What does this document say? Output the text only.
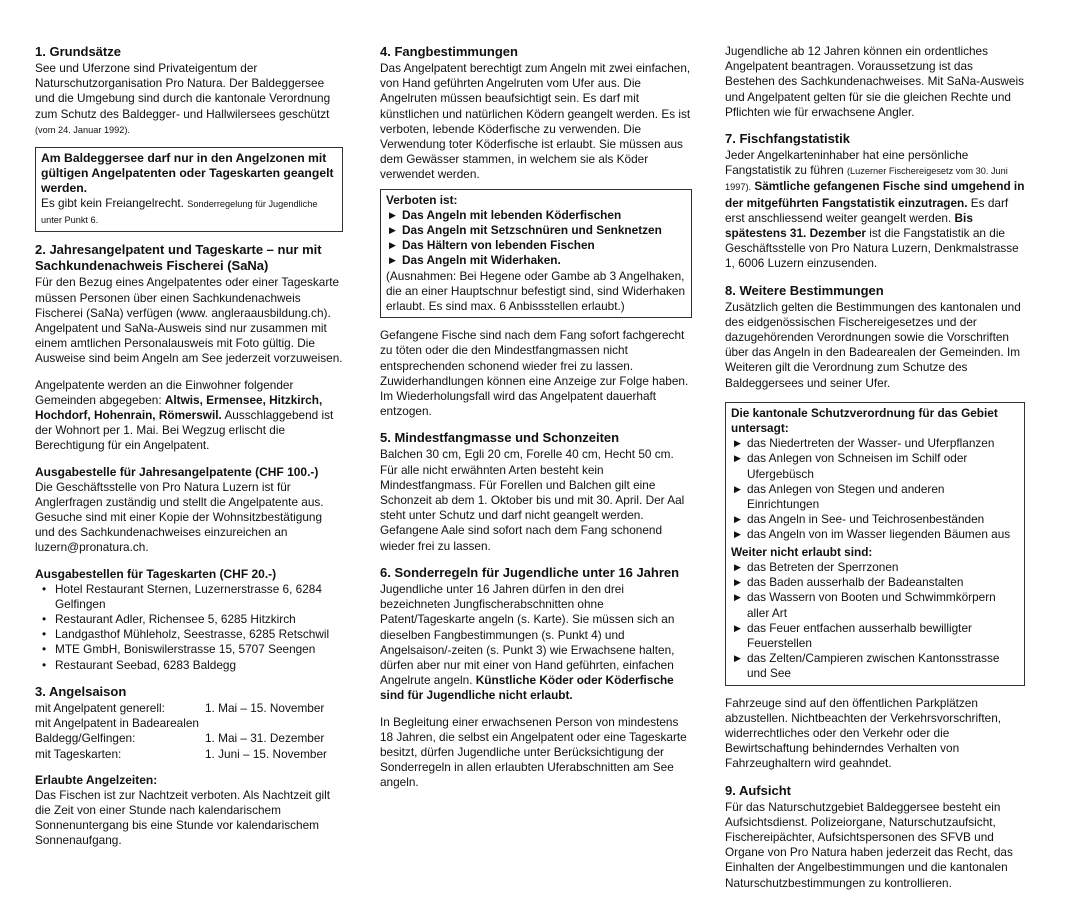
1. Grundsätze

See und Uferzone sind Privateigentum der Naturschutzorganisation Pro Natura. Der Baldeggersee und die Umgebung sind durch die kantonale Verordnung zum Schutz des Baldegger- und Hallwilersees geschützt (vom 24. Januar 1992).

Am Baldeggersee darf nur in den Angelzonen mit gültigen Angelpatenten oder Tageskarten geangelt werden.

Es gibt kein Freiangelrecht. Sonderregelung für Jugendliche unter Punkt 6.

2. Jahresangelpatent und Tageskarte – nur mit Sachkundenachweis Fischerei (SaNa)

Für den Bezug eines Angelpatentes oder einer Tageskarte müssen Personen über einen Sachkundenachweis Fischerei (SaNa) verfügen (www. angleraausbildung.ch). Angelpatent und SaNa-Ausweis sind nur zusammen mit einem amtlichen Personalausweis mit Foto gültig. Die Ausweise sind beim Angeln am See jederzeit vorzuweisen.

Angelpatente werden an die Einwohner folgender Gemeinden abgegeben: Altwis, Ermensee, Hitzkirch, Hochdorf, Hohenrain, Römerswil. Ausschlaggebend ist der Wohnort per 1. Mai. Bei Wegzug erlischt die Berechtigung für ein Angelpatent.

Ausgabestelle für Jahresangelpatente (CHF 100.-)

Die Geschäftsstelle von Pro Natura Luzern ist für Anglerfragen zuständig und stellt die Angelpatente aus. Gesuche sind mit einer Kopie der Wohnsitzbestätigung und des Sachkundenachweises einzureichen an luzern@pronatura.ch.

Ausgabestellen für Tageskarten (CHF 20.-)
• Hotel Restaurant Sternen, Luzernerstrasse 6, 6284 Gelfingen
• Restaurant Adler, Richensee 5, 6285 Hitzkirch
• Landgasthof Mühleholz, Seestrasse, 6285 Retschwil
• MTE GmbH, Boniswilerstrasse 15, 5707 Seengen
• Restaurant Seebad, 6283 Baldegg
3. Angelsaison
mit Angelpatent generell:	1. Mai – 15. November
mit Angelpatent in Badearealen
Baldegg/Gelfingen:	1. Mai – 31. Dezember
mit Tageskarten:	1. Juni – 15. November
Erlaubte Angelzeiten:

Das Fischen ist zur Nachtzeit verboten. Als Nachtzeit gilt die Zeit von einer Stunde nach kalendarischem Sonnenuntergang bis eine Stunde vor kalendarischem Sonnenaufgang.

4. Fangbestimmungen

Das Angelpatent berechtigt zum Angeln mit zwei einfachen, von Hand geführten Angelruten vom Ufer aus. Die Angelruten müssen beaufsichtigt sein. Es darf mit künstlichen und natürlichen Ködern geangelt werden. Es ist verboten, lebende Köderfische zu verwenden. Die Verwendung toter Köderfische ist erlaubt. Sie müssen aus dem Gewässer stammen, in welchem sie als Köder verwendet werden.

Verboten ist:
▶ Das Angeln mit lebenden Köderfischen
▶ Das Angeln mit Setzschnüren und Senknetzen
▶ Das Hältern von lebenden Fischen
▶ Das Angeln mit Widerhaken.

(Ausnahmen: Bei Hegene oder Gambe ab 3 Angelhaken, die an einer Hauptschnur befestigt sind, sind Widerhaken erlaubt. Es sind max. 6 Anbissstellen erlaubt.)

Gefangene Fische sind nach dem Fang sofort fachgerecht zu töten oder die den Mindestfangmassen nicht entsprechenden schonend wieder frei zu lassen. Zuwiderhandlungen können eine Anzeige zur Folge haben. Im Wiederholungsfall wird das Angelpatent dauerhaft entzogen.

5. Mindestfangmasse und Schonzeiten

Balchen 30 cm, Egli 20 cm, Forelle 40 cm, Hecht 50 cm. Für alle nicht erwähnten Arten besteht kein Mindestfangmass. Für Forellen und Balchen gilt eine Schonzeit ab dem 1. Oktober bis und mit 30. April. Der Aal steht unter Schutz und darf nicht geangelt werden. Gefangene Aale sind sofort nach dem Fang schonend wieder frei zu lassen.

6. Sonderregeln für Jugendliche unter 16 Jahren

Jugendliche unter 16 Jahren dürfen in den drei bezeichneten Jungfischerabschnitten ohne Patent/Tageskarte angeln (s. Karte). Sie müssen sich an dieselben Fangbestimmungen (s. Punkt 4) und Angelsaison/-zeiten (s. Punkt 3) wie Erwachsene halten, dürfen aber nur mit einer von Hand geführten, einfachen Angelrute angeln. Künstliche Köder oder Köderfische sind für Jugendliche nicht erlaubt.

In Begleitung einer erwachsenen Person von mindestens 18 Jahren, die selbst ein Angelpatent oder eine Tageskarte besitzt, dürfen Jugendliche unter Berücksichtigung der Sonderregeln in allen erlaubten Uferabschnitten am See angeln.

Jugendliche ab 12 Jahren können ein ordentliches Angelpatent beantragen. Voraussetzung ist das Bestehen des Sachkundenachweises. Mit SaNa-Ausweis und Angelpatent gelten für sie die gleichen Rechte und Pflichten wie für erwachsene Angler.

7. Fischfangstatistik

Jeder Angelkarteninhaber hat eine persönliche Fangstatistik zu führen (Luzerner Fischereigesetz vom 30. Juni 1997). Sämtliche gefangenen Fische sind umgehend in der mitgeführten Fangstatistik einzutragen. Es darf erst anschliessend weiter geangelt werden. Bis spätestens 31. Dezember ist die Fangstatistik an die Geschäftsstelle von Pro Natura Luzern, Denkmalstrasse 1, 6006 Luzern einzusenden.

8. Weitere Bestimmungen

Zusätzlich gelten die Bestimmungen des kantonalen und des eidgenössischen Fischereigesetzes und der dazugehörenden Verordnungen sowie die Vorschriften über das Angeln in den Badearealen der Gemeinden. Im Weiteren gilt die Verordnung zum Schutze des Baldeggersees und seiner Ufer.

Die kantonale Schutzverordnung für das Gebiet untersagt:
▶ das Niedertreten der Wasser- und Uferpflanzen
▶ das Anlegen von Schneisen im Schilf oder Ufergebüsch
▶ das Anlegen von Stegen und anderen Einrichtungen
▶ das Angeln in See- und Teichrosenbeständen
▶ das Angeln von im Wasser liegenden Bäumen aus
Weiter nicht erlaubt sind:
▶ das Betreten der Sperrzonen
▶ das Baden ausserhalb der Badeanstalten
▶ das Wassern von Booten und Schwimmkörpern aller Art
▶ das Feuer entfachen ausserhalb bewilligter Feuerstellen
▶ das Zelten/Campieren zwischen Kantonsstrasse und See

Fahrzeuge sind auf den öffentlichen Parkplätzen abzustellen. Nichtbeachten der Verkehrsvorschriften, widerrechtliches oder den Verkehr oder die Bewirtschaftung behinderndes Verhalten von Fahrzeughaltern wird geahndet.

9. Aufsicht

Für das Naturschutzgebiet Baldeggersee besteht ein Aufsichtsdienst. Polizeiorgane, Naturschutzaufsicht, Fischereipächter, Aufsichtspersonen des SFVB und Organe von Pro Natura haben jederzeit das Recht, das Einhalten der Angelbestimmungen und die kantonalen Naturschutzbestimmungen zu kontrollieren.
